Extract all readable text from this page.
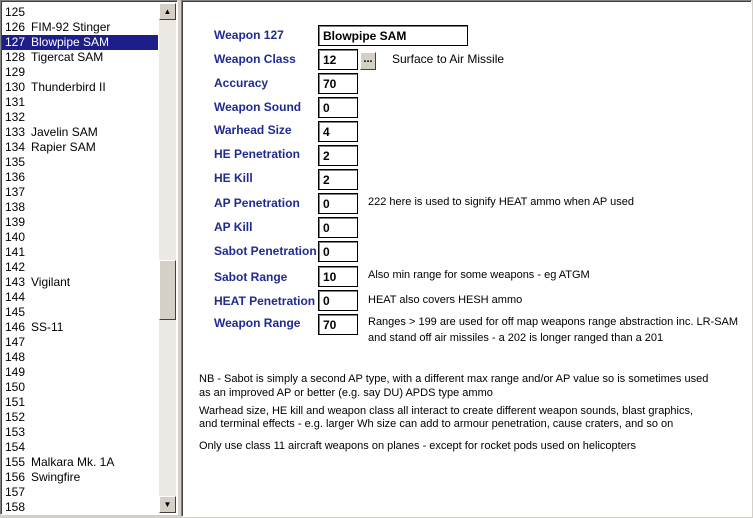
125
126 FIM-92 Stinger
127 Blowpipe SAM
128 Tigercat SAM
129
130 Thunderbird II
131
132
133 Javelin SAM
134 Rapier SAM
135
136
137
138
139
140
141
142
143 Vigilant
144
145
146 SS-11
147
148
149
150
151
152
153
154
155 Malkara Mk. 1A
156 Swingfire
157
158
▲
▼
Weapon 127	Blowpipe SAM
Weapon Class	12	... Surface to Air Missile
Accuracy	70
Weapon Sound	0
Warhead Size	4
HE Penetration	2
HE Kill	2
AP Penetration	0	222 here is used to signify HEAT ammo when AP used
AP Kill	0
Sabot Penetration 0
Sabot Range	10	Also min range for some weapons - eg ATGM
HEAT Penetration 0	HEAT also covers HESH ammo
Weapon Range	70	Ranges > 199 are used for off map weapons range abstraction inc. LR-SAM
and stand off air missiles - a 202 is longer ranged than a 201
NB - Sabot is simply a second AP type, with a different max range and/or AP value so is sometimes used
as an improved AP or better (e.g. say DU) APDS type ammo
Warhead size, HE kill and weapon class all interact to create different weapon sounds, blast graphics,
and terminal effects - e.g. larger Wh size can add to armour penetration, cause craters, and so on
Only use class 11 aircraft weapons on planes - except for rocket pods used on helicopters
